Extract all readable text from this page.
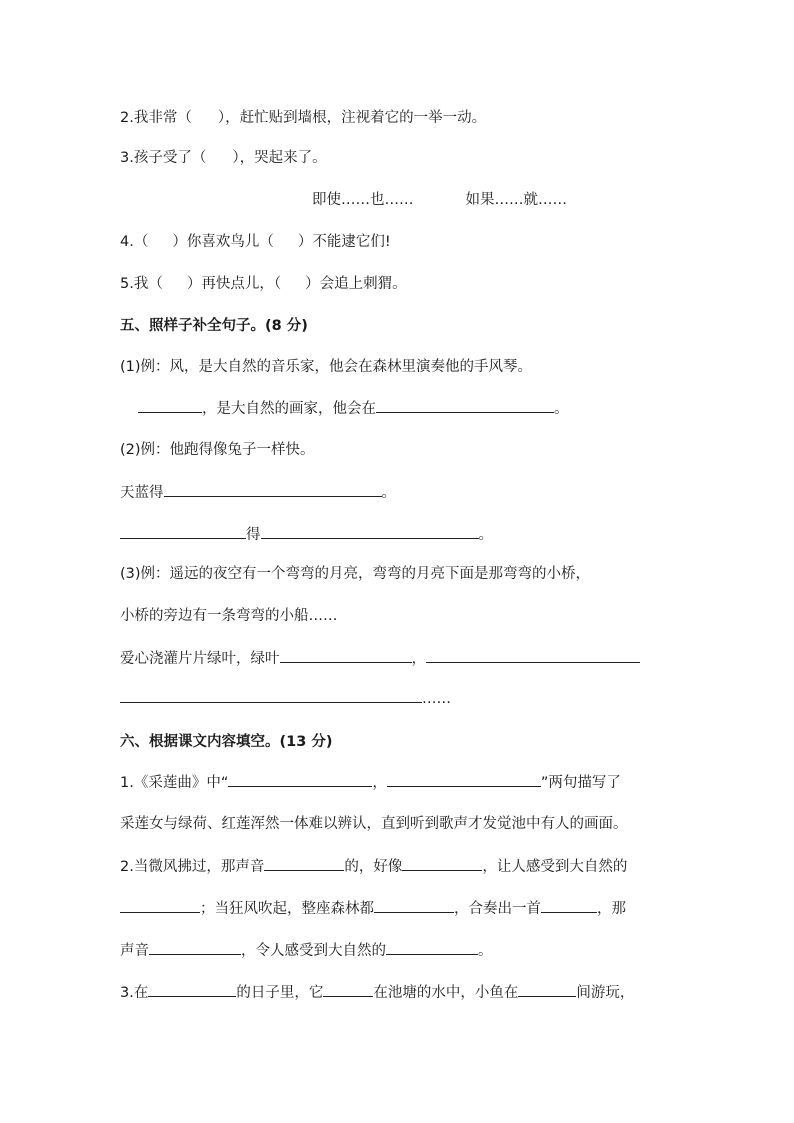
2.我非常（ ），赶忙贴到墙根，注视着它的一举一动。
3.孩子受了（ ），哭起来了。
即使……也……	如果……就……
4.（ ）你喜欢鸟儿（ ）不能逮它们!
5.我（ ）再快点儿，（ ）会追上刺猬。
五、照样子补全句子。(8 分)
(1)例：风，是大自然的音乐家，他会在森林里演奏他的手风琴。
，是大自然的画家，他会在	。
(2)例：他跑得像兔子一样快。
天蓝得	。
得	。
(3)例：遥远的夜空有一个弯弯的月亮，弯弯的月亮下面是那弯弯的小桥，
小桥的旁边有一条弯弯的小船……
爱心浇灌片片绿叶，绿叶	，
……
六、根据课文内容填空。(13 分)
1.《采莲曲》中“	，	”两句描写了
采莲女与绿荷、红莲浑然一体难以辨认，直到听到歌声才发觉池中有人的画面。
2.当微风拂过，那声音	的，好像	，让人感受到大自然的
；当狂风吹起，整座森林都	，合奏出一首	，那
声音	，令人感受到大自然的	。
3.在	的日子里，它	在池塘的水中，小鱼在	间游玩，
